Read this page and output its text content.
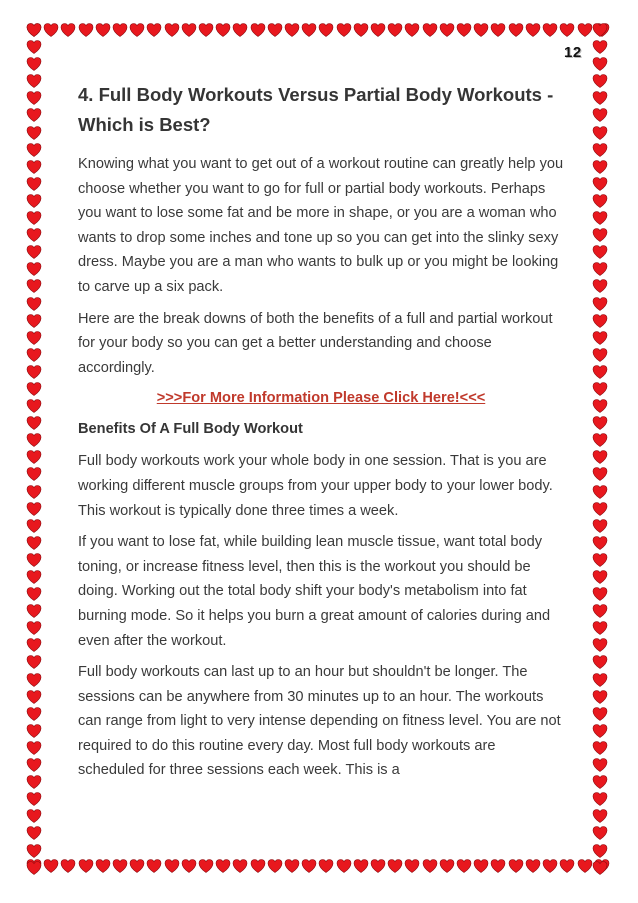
12
4. Full Body Workouts Versus Partial Body Workouts - Which is Best?

Knowing what you want to get out of a workout routine can greatly help you choose whether you want to go for full or partial body workouts. Perhaps you want to lose some fat and be more in shape, or you are a woman who wants to drop some inches and tone up so you can get into the slinky sexy dress. Maybe you are a man who wants to bulk up or you might be looking to carve up a six pack.

Here are the break downs of both the benefits of a full and partial workout for your body so you can get a better understanding and choose accordingly.

>>>For More Information Please Click Here!<<<
Benefits Of A Full Body Workout

Full body workouts work your whole body in one session. That is you are working different muscle groups from your upper body to your lower body. This workout is typically done three times a week.

If you want to lose fat, while building lean muscle tissue, want total body toning, or increase fitness level, then this is the workout you should be doing. Working out the total body shift your body's metabolism into fat burning mode. So it helps you burn a great amount of calories during and even after the workout.

Full body workouts can last up to an hour but shouldn't be longer. The sessions can be anywhere from 30 minutes up to an hour. The workouts can range from light to very intense depending on fitness level. You are not required to do this routine every day. Most full body workouts are scheduled for three sessions each week. This is a
